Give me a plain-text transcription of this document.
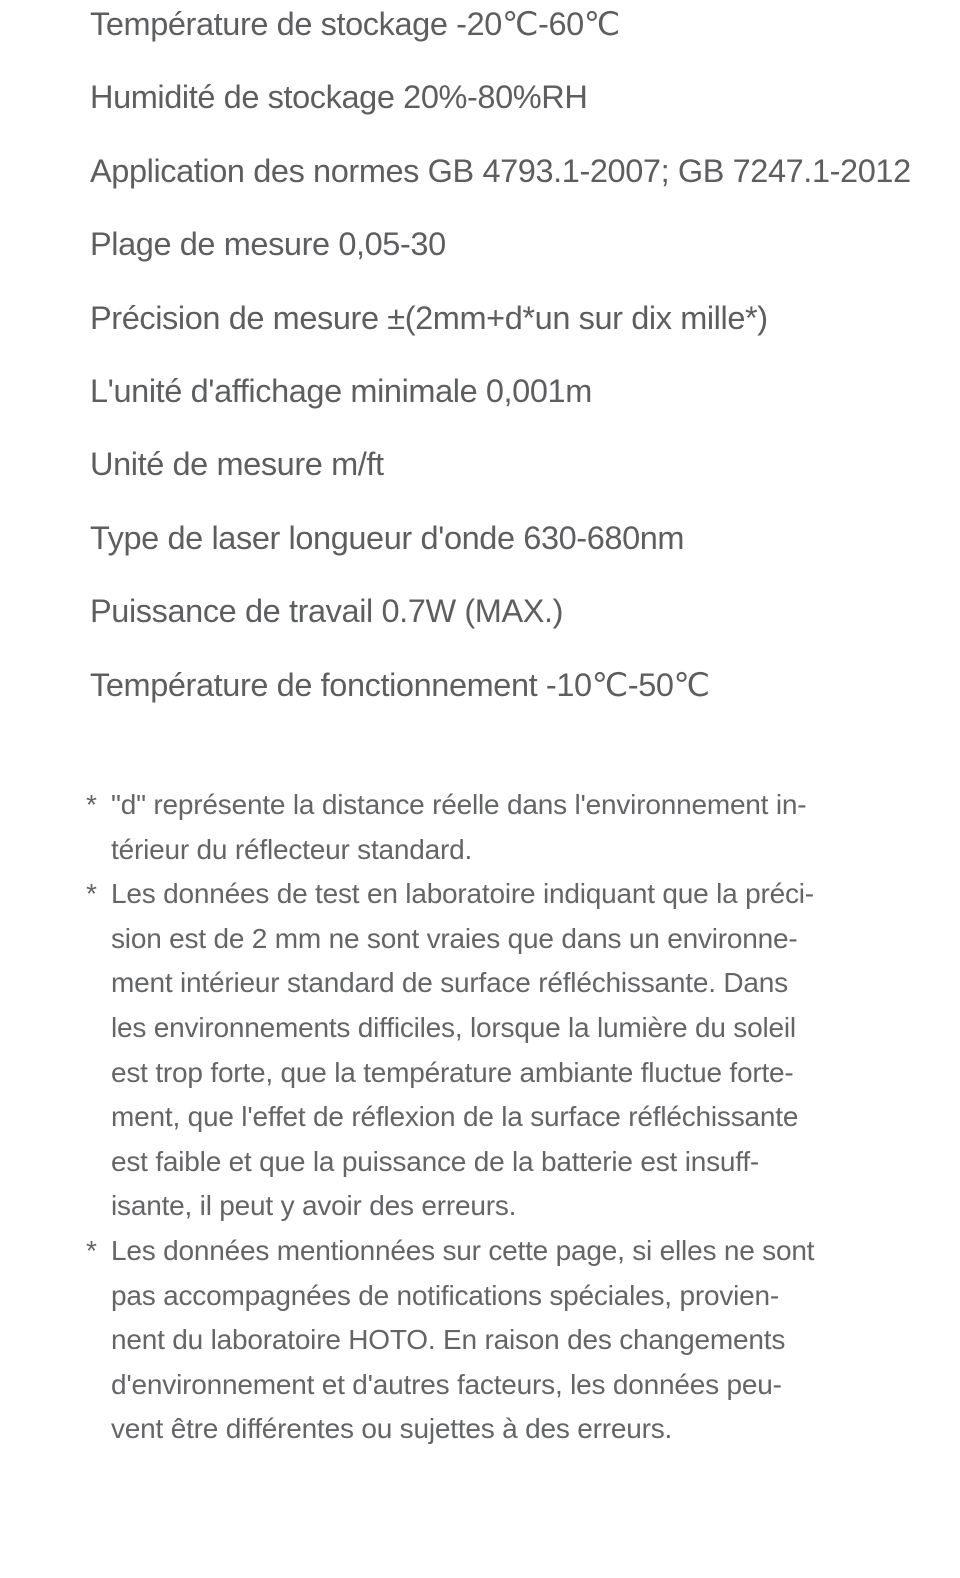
Température de stockage -20℃-60℃
Humidité de stockage 20%-80%RH
Application des normes GB 4793.1-2007; GB 7247.1-2012
Plage de mesure 0,05-30
Précision de mesure ±(2mm+d*un sur dix mille*)
L'unité d'affichage minimale 0,001m
Unité de mesure m/ft
Type de laser longueur d'onde 630-680nm
Puissance de travail 0.7W (MAX.)
Température de fonctionnement -10℃-50℃
* "d" représente la distance réelle dans l'environnement in-
térieur du réflecteur standard.
* Les données de test en laboratoire indiquant que la préci-
sion est de 2 mm ne sont vraies que dans un environne-
ment intérieur standard de surface réfléchissante. Dans
les environnements difficiles, lorsque la lumière du soleil
est trop forte, que la température ambiante fluctue forte-
ment, que l'effet de réflexion de la surface réfléchissante
est faible et que la puissance de la batterie est insuff-
isante, il peut y avoir des erreurs.
* Les données mentionnées sur cette page, si elles ne sont
pas accompagnées de notifications spéciales, provien-
nent du laboratoire HOTO. En raison des changements
d'environnement et d'autres facteurs, les données peu-
vent être différentes ou sujettes à des erreurs.
